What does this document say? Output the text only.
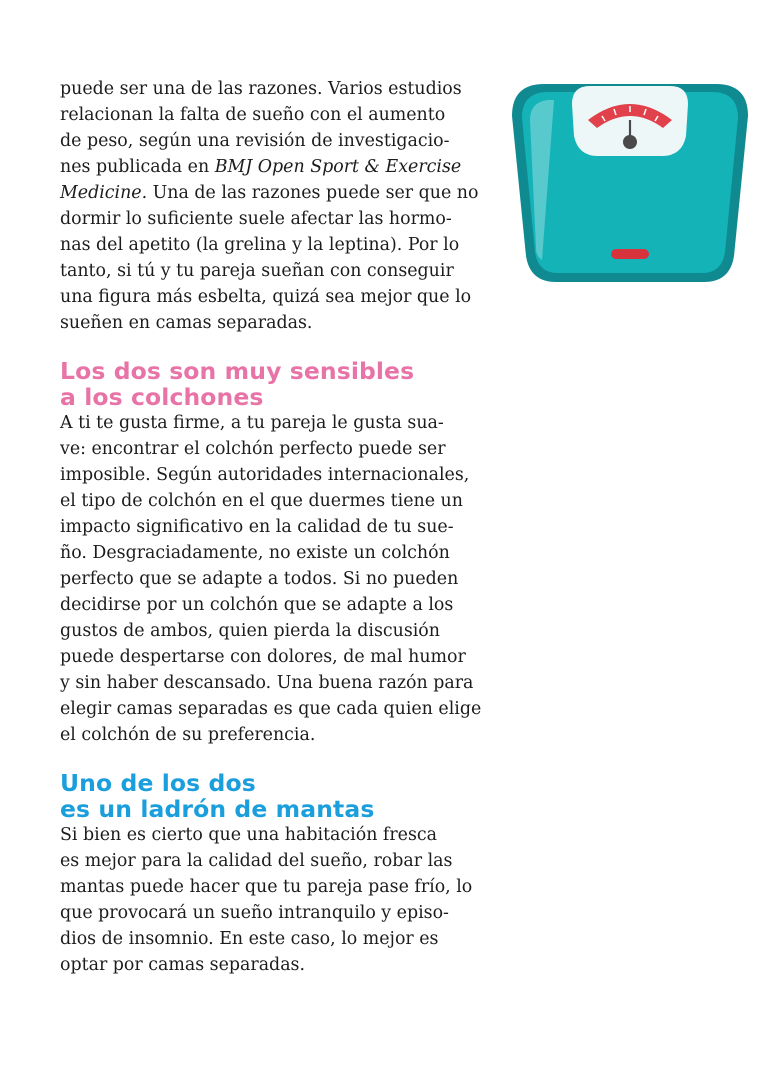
puede ser una de las razones. Varios estudios
relacionan la falta de sueño con el aumento
de peso, según una revisión de investigacio-
nes publicada en BMJ Open Sport & Exercise
Medicine. Una de las razones puede ser que no
dormir lo suficiente suele afectar las hormo-
nas del apetito (la grelina y la leptina). Por lo
tanto, si tú y tu pareja sueñan con conseguir
una figura más esbelta, quizá sea mejor que lo
sueñen en camas separadas.

Los dos son muy sensibles
a los colchones

A ti te gusta firme, a tu pareja le gusta sua-
ve: encontrar el colchón perfecto puede ser
imposible. Según autoridades internacionales,
el tipo de colchón en el que duermes tiene un
impacto significativo en la calidad de tu sue-
ño. Desgraciadamente, no existe un colchón
perfecto que se adapte a todos. Si no pueden
decidirse por un colchón que se adapte a los
gustos de ambos, quien pierda la discusión
puede despertarse con dolores, de mal humor
y sin haber descansado. Una buena razón para
elegir camas separadas es que cada quien elige
el colchón de su preferencia.

Uno de los dos
es un ladrón de mantas

Si bien es cierto que una habitación fresca
es mejor para la calidad del sueño, robar las
mantas puede hacer que tu pareja pase frío, lo
que provocará un sueño intranquilo y episo-
dios de insomnio. En este caso, lo mejor es
optar por camas separadas.
